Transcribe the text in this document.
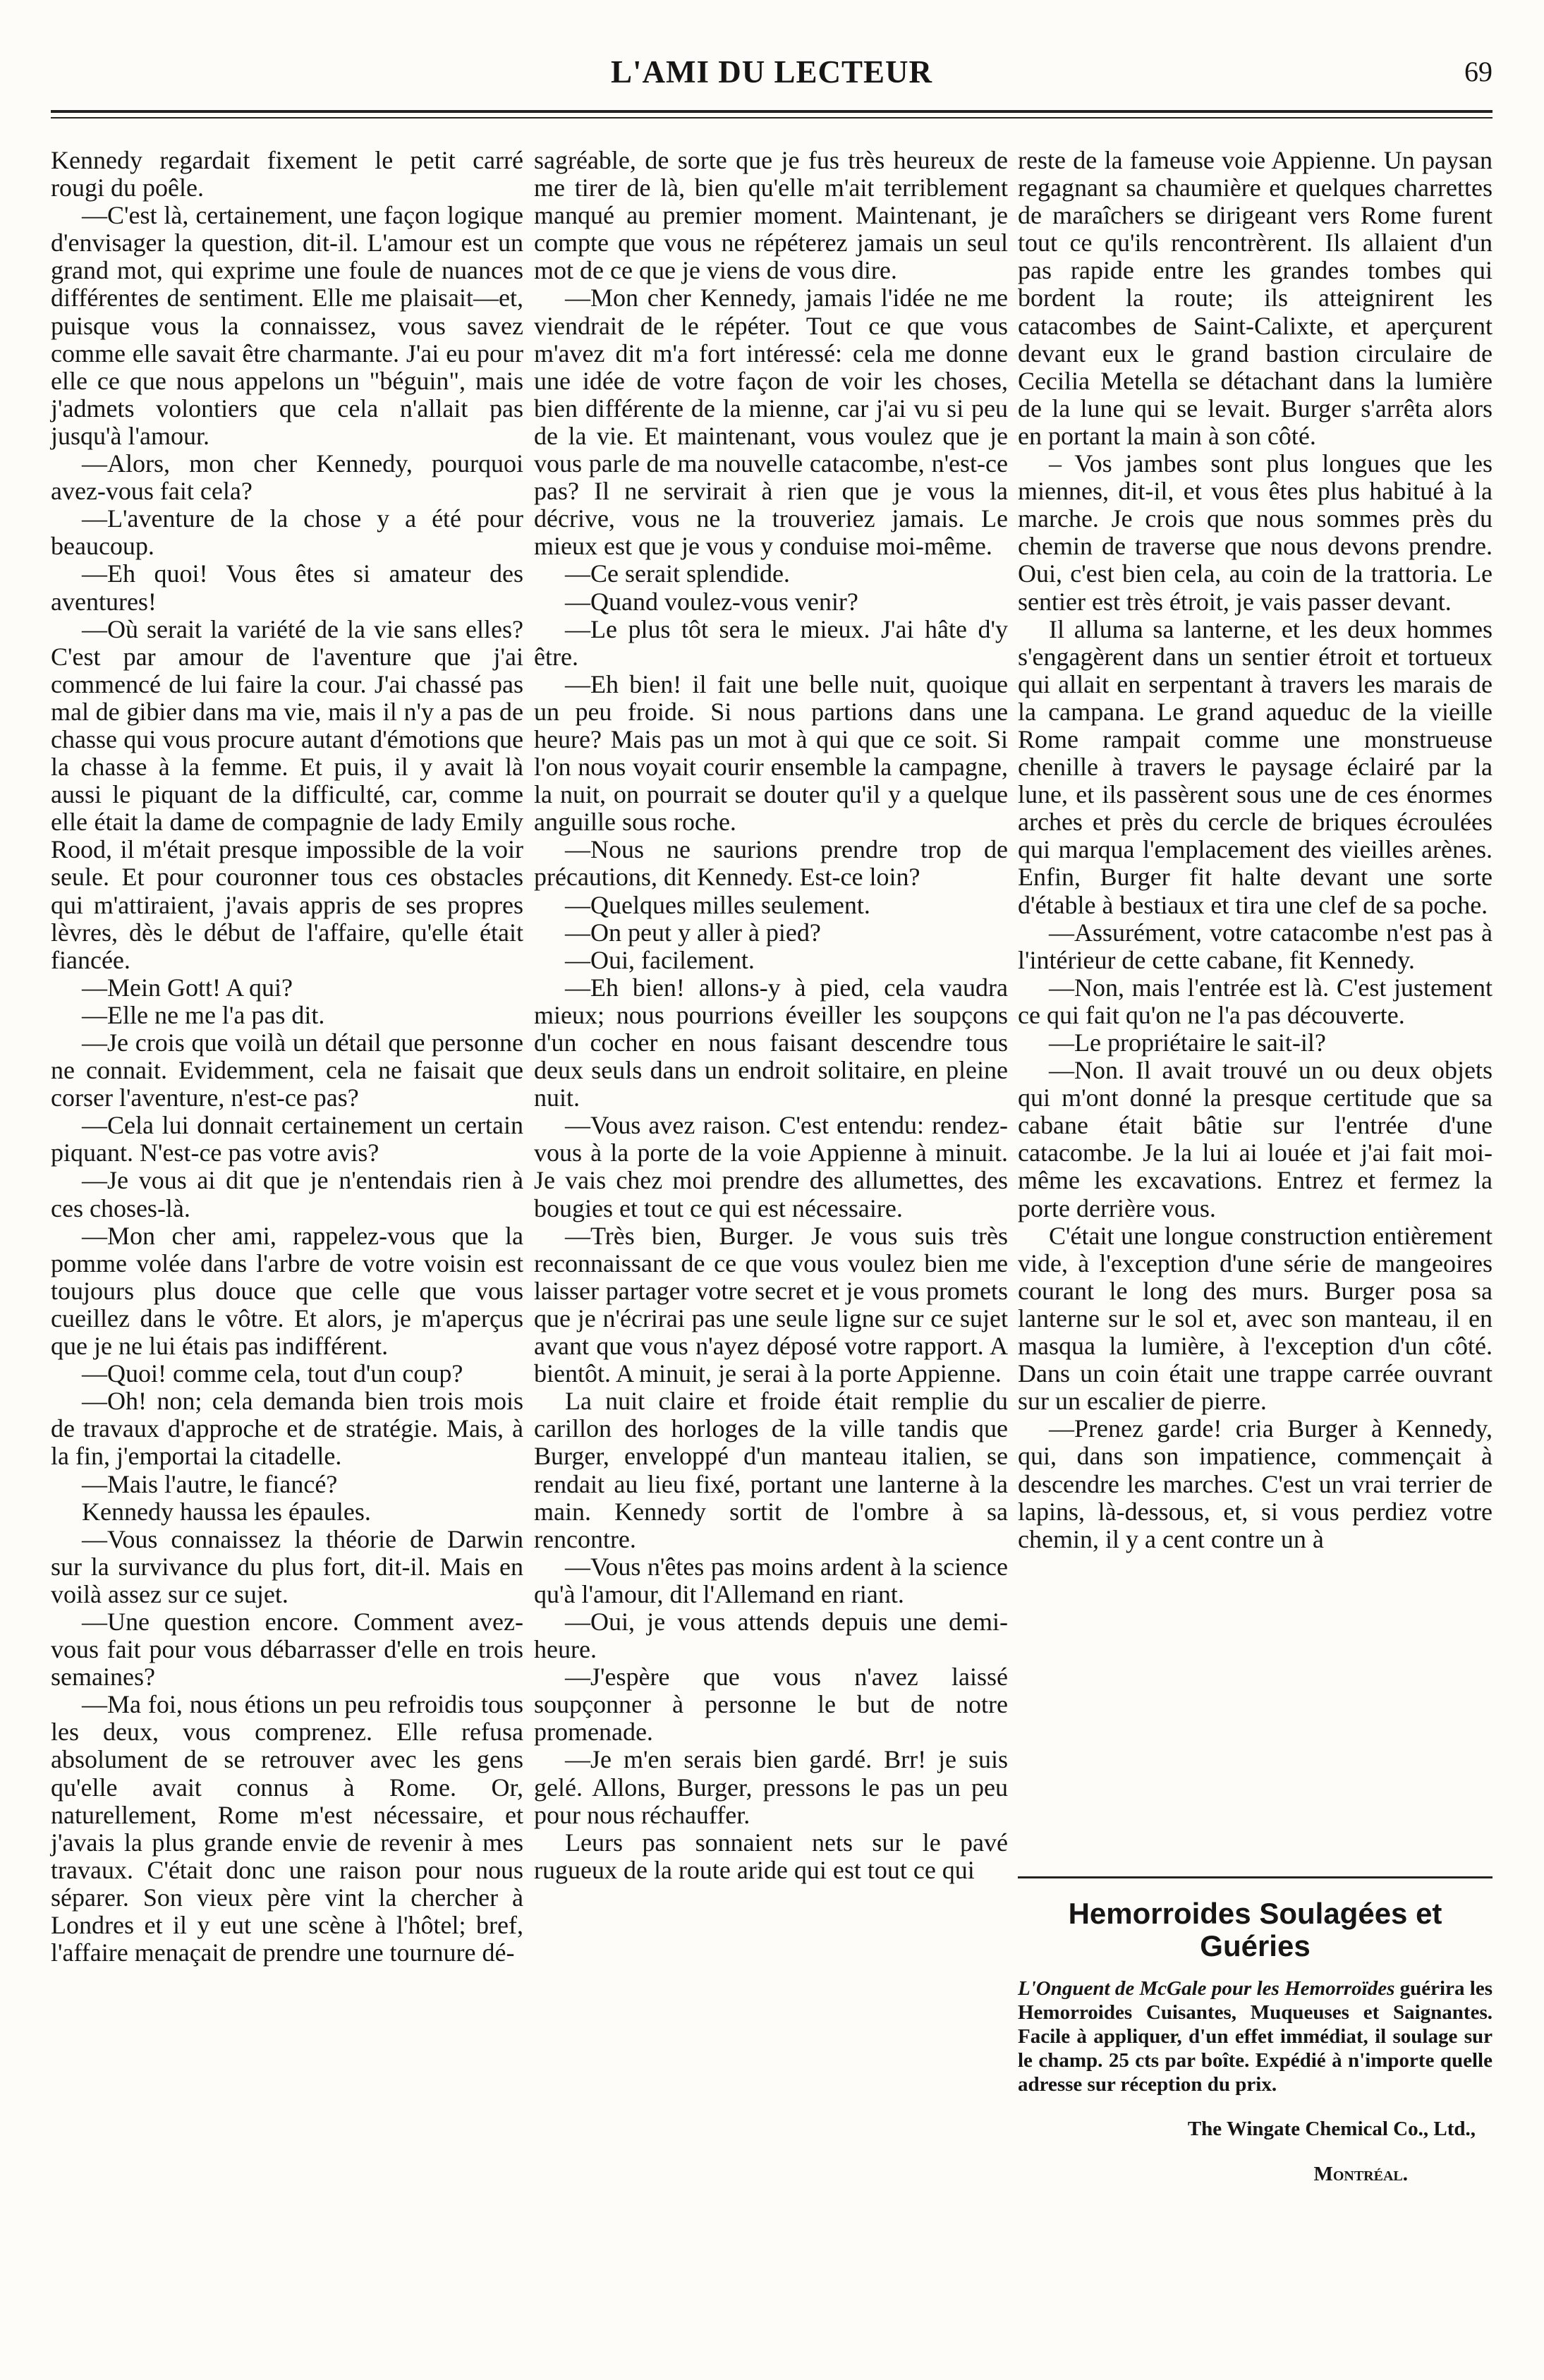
L'AMI DU LECTEUR	69

Kennedy regardait fixement le petit carré rougi du poêle.

—C'est là, certainement, une façon logique d'envisager la question, dit-il. L'amour est un grand mot, qui exprime une foule de nuances différentes de sentiment. Elle me plaisait—et, puisque vous la connaissez, vous savez comme elle savait être charmante. J'ai eu pour elle ce que nous appelons un "béguin", mais j'admets volontiers que cela n'allait pas jusqu'à l'amour.

—Alors, mon cher Kennedy, pourquoi avez-vous fait cela?

—L'aventure de la chose y a été pour beaucoup.

—Eh quoi! Vous êtes si amateur des aventures!

—Où serait la variété de la vie sans elles? C'est par amour de l'aventure que j'ai commencé de lui faire la cour. J'ai chassé pas mal de gibier dans ma vie, mais il n'y a pas de chasse qui vous procure autant d'émotions que la chasse à la femme. Et puis, il y avait là aussi le piquant de la difficulté, car, comme elle était la dame de compagnie de lady Emily Rood, il m'était presque impossible de la voir seule. Et pour couronner tous ces obstacles qui m'attiraient, j'avais appris de ses propres lèvres, dès le début de l'affaire, qu'elle était fiancée.

—Mein Gott! A qui?

—Elle ne me l'a pas dit.

—Je crois que voilà un détail que personne ne connait. Evidemment, cela ne faisait que corser l'aventure, n'est-ce pas?

—Cela lui donnait certainement un certain piquant. N'est-ce pas votre avis?

—Je vous ai dit que je n'entendais rien à ces choses-là.

—Mon cher ami, rappelez-vous que la pomme volée dans l'arbre de votre voisin est toujours plus douce que celle que vous cueillez dans le vôtre. Et alors, je m'aperçus que je ne lui étais pas indifférent.

—Quoi! comme cela, tout d'un coup?

—Oh! non; cela demanda bien trois mois de travaux d'approche et de stratégie. Mais, à la fin, j'emportai la citadelle.

—Mais l'autre, le fiancé?

Kennedy haussa les épaules.

—Vous connaissez la théorie de Darwin sur la survivance du plus fort, dit-il. Mais en voilà assez sur ce sujet.

—Une question encore. Comment avez-vous fait pour vous débarrasser d'elle en trois semaines?

—Ma foi, nous étions un peu refroidis tous les deux, vous comprenez. Elle refusa absolument de se retrouver avec les gens qu'elle avait connus à Rome. Or, naturellement, Rome m'est nécessaire, et j'avais la plus grande envie de revenir à mes travaux. C'était donc une raison pour nous séparer. Son vieux père vint la chercher à Londres et il y eut une scène à l'hôtel; bref, l'affaire menaçait de prendre une tournure dé-

sagréable, de sorte que je fus très heureux de me tirer de là, bien qu'elle m'ait terriblement manqué au premier moment. Maintenant, je compte que vous ne répéterez jamais un seul mot de ce que je viens de vous dire.

—Mon cher Kennedy, jamais l'idée ne me viendrait de le répéter. Tout ce que vous m'avez dit m'a fort intéressé: cela me donne une idée de votre façon de voir les choses, bien différente de la mienne, car j'ai vu si peu de la vie. Et maintenant, vous voulez que je vous parle de ma nouvelle catacombe, n'est-ce pas? Il ne servirait à rien que je vous la décrive, vous ne la trouveriez jamais. Le mieux est que je vous y conduise moi-même.

—Ce serait splendide.

—Quand voulez-vous venir?

—Le plus tôt sera le mieux. J'ai hâte d'y être.

—Eh bien! il fait une belle nuit, quoique un peu froide. Si nous partions dans une heure? Mais pas un mot à qui que ce soit. Si l'on nous voyait courir ensemble la campagne, la nuit, on pourrait se douter qu'il y a quelque anguille sous roche.

—Nous ne saurions prendre trop de précautions, dit Kennedy. Est-ce loin?

—Quelques milles seulement.

—On peut y aller à pied?

—Oui, facilement.

—Eh bien! allons-y à pied, cela vaudra mieux; nous pourrions éveiller les soupçons d'un cocher en nous faisant descendre tous deux seuls dans un endroit solitaire, en pleine nuit.

—Vous avez raison. C'est entendu: rendez-vous à la porte de la voie Appienne à minuit. Je vais chez moi prendre des allumettes, des bougies et tout ce qui est nécessaire.

—Très bien, Burger. Je vous suis très reconnaissant de ce que vous voulez bien me laisser partager votre secret et je vous promets que je n'écrirai pas une seule ligne sur ce sujet avant que vous n'ayez déposé votre rapport. A bientôt. A minuit, je serai à la porte Appienne.

La nuit claire et froide était remplie du carillon des horloges de la ville tandis que Burger, enveloppé d'un manteau italien, se rendait au lieu fixé, portant une lanterne à la main. Kennedy sortit de l'ombre à sa rencontre.

—Vous n'êtes pas moins ardent à la science qu'à l'amour, dit l'Allemand en riant.

—Oui, je vous attends depuis une demi-heure.

—J'espère que vous n'avez laissé soupçonner à personne le but de notre promenade.

—Je m'en serais bien gardé. Brr! je suis gelé. Allons, Burger, pressons le pas un peu pour nous réchauffer.

Leurs pas sonnaient nets sur le pavé rugueux de la route aride qui est tout ce qui

reste de la fameuse voie Appienne. Un paysan regagnant sa chaumière et quelques charrettes de maraîchers se dirigeant vers Rome furent tout ce qu'ils rencontrèrent. Ils allaient d'un pas rapide entre les grandes tombes qui bordent la route; ils atteignirent les catacombes de Saint-Calixte, et aperçurent devant eux le grand bastion circulaire de Cecilia Metella se détachant dans la lumière de la lune qui se levait. Burger s'arrêta alors en portant la main à son côté.

– Vos jambes sont plus longues que les miennes, dit-il, et vous êtes plus habitué à la marche. Je crois que nous sommes près du chemin de traverse que nous devons prendre. Oui, c'est bien cela, au coin de la trattoria. Le sentier est très étroit, je vais passer devant.

Il alluma sa lanterne, et les deux hommes s'engagèrent dans un sentier étroit et tortueux qui allait en serpentant à travers les marais de la campana. Le grand aqueduc de la vieille Rome rampait comme une monstrueuse chenille à travers le paysage éclairé par la lune, et ils passèrent sous une de ces énormes arches et près du cercle de briques écroulées qui marqua l'emplacement des vieilles arènes. Enfin, Burger fit halte devant une sorte d'étable à bestiaux et tira une clef de sa poche.

—Assurément, votre catacombe n'est pas à l'intérieur de cette cabane, fit Kennedy.

—Non, mais l'entrée est là. C'est justement ce qui fait qu'on ne l'a pas découverte.

—Le propriétaire le sait-il?

—Non. Il avait trouvé un ou deux objets qui m'ont donné la presque certitude que sa cabane était bâtie sur l'entrée d'une catacombe. Je la lui ai louée et j'ai fait moi-même les excavations. Entrez et fermez la porte derrière vous.

C'était une longue construction entièrement vide, à l'exception d'une série de mangeoires courant le long des murs. Burger posa sa lanterne sur le sol et, avec son manteau, il en masqua la lumière, à l'exception d'un côté. Dans un coin était une trappe carrée ouvrant sur un escalier de pierre.

—Prenez garde! cria Burger à Kennedy, qui, dans son impatience, commençait à descendre les marches. C'est un vrai terrier de lapins, là-dessous, et, si vous perdiez votre chemin, il y a cent contre un à

Hemorroides Soulagées et Guéries
L'Onguent de McGale pour les Hemorroïdes guérira les Hemorroides Cuisantes, Muqueuses et Saignantes. Facile à appliquer, d'un effet immédiat, il soulage sur le champ. 25 cts par boîte. Expédié à n'importe quelle adresse sur réception du prix.
The Wingate Chemical Co., Ltd.,
Montréal.
